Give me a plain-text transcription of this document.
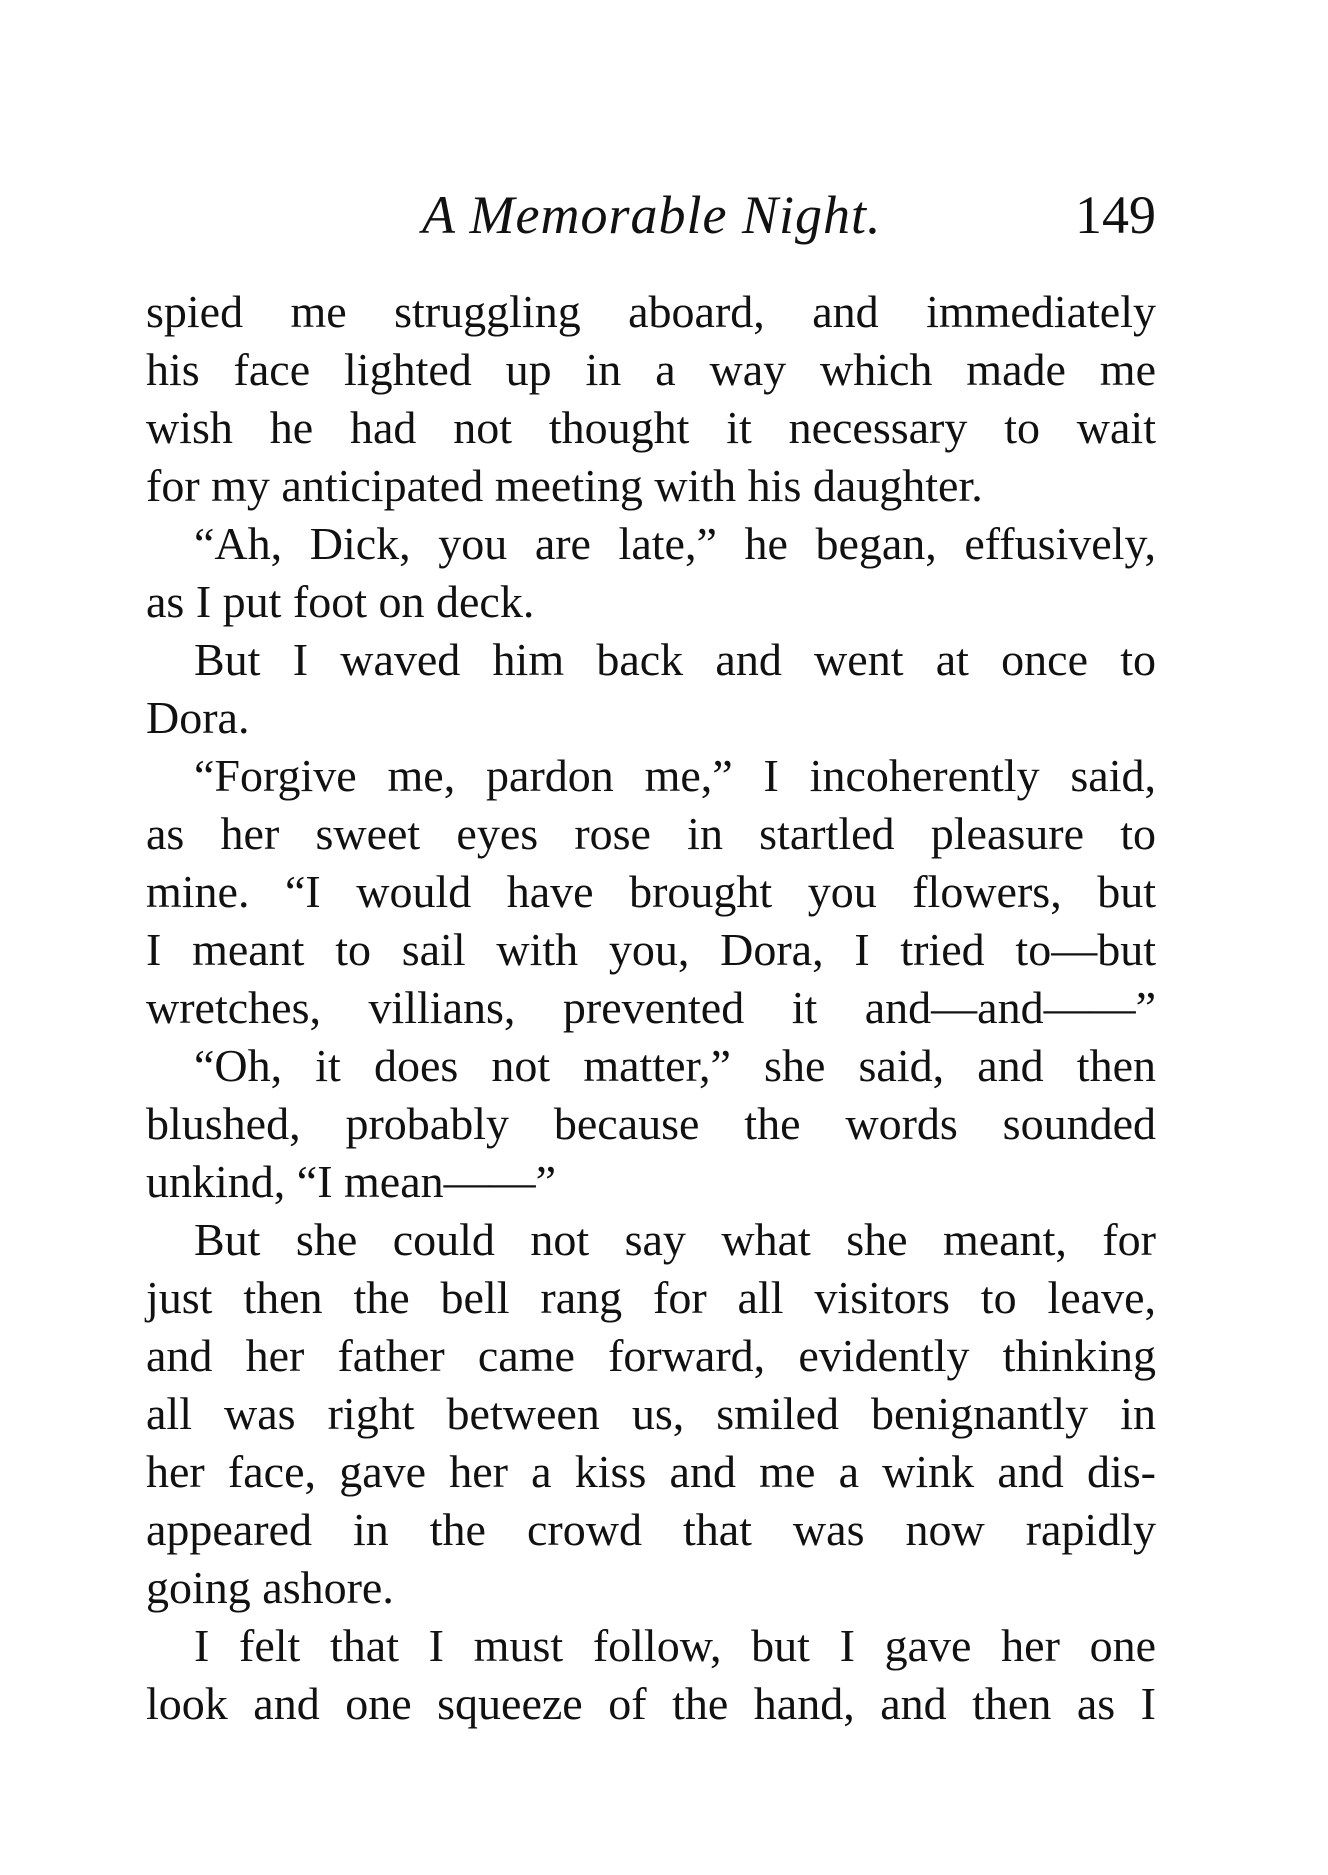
A Memorable Night.	149
spied me struggling aboard, and immediately
his face lighted up in a way which made me
wish he had not thought it necessary to wait
for my anticipated meeting with his daughter.
“Ah, Dick, you are late,” he began, effusively,
as I put foot on deck.
But I waved him back and went at once to
Dora.
“Forgive me, pardon me,” I incoherently said,
as her sweet eyes rose in startled pleasure to
mine. “I would have brought you flowers, but
I meant to sail with you, Dora, I tried to—but
wretches, villians, prevented it and—and——”
“Oh, it does not matter,” she said, and then
blushed, probably because the words sounded
unkind, “I mean——”
But she could not say what she meant, for
just then the bell rang for all visitors to leave,
and her father came forward, evidently thinking
all was right between us, smiled benignantly in
her face, gave her a kiss and me a wink and dis-
appeared in the crowd that was now rapidly
going ashore.
I felt that I must follow, but I gave her one
look and one squeeze of the hand, and then as I
